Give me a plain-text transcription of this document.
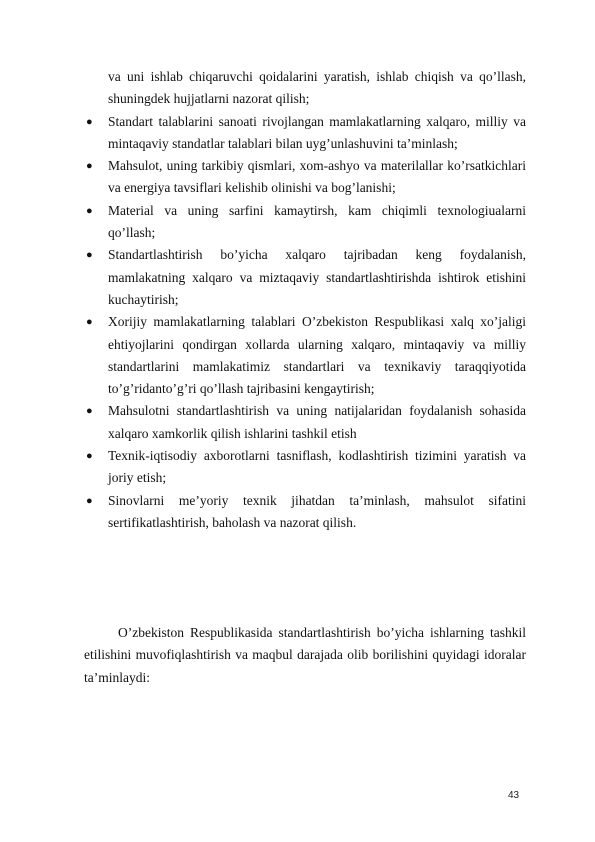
va uni ishlab chiqaruvchi qoidalarini yaratish, ishlab chiqish va qo’llash, shuningdek hujjatlarni nazorat qilish;
● Standart talablarini sanoati rivojlangan mamlakatlarning xalqaro, milliy va mintaqaviy standatlar talablari bilan uyg’unlashuvini ta’minlash;
● Mahsulot, uning tarkibiy qismlari, xom-ashyo va materilallar ko’rsatkichlari va energiya tavsiflari kelishib olinishi va bog’lanishi;
● Material va uning sarfini kamaytirsh, kam chiqimli texnologiualarni qo’llash;
● Standartlashtirish bo’yicha xalqaro tajribadan keng foydalanish, mamlakatning xalqaro va miztaqaviy standartlashtirishda ishtirok etishini kuchaytirish;
● Xorijiy mamlakatlarning talablari O’zbekiston Respublikasi xalq xo’jaligi ehtiyojlarini qondirgan xollarda ularning xalqaro, mintaqaviy va milliy standartlarini mamlakatimiz standartlari va texnikaviy taraqqiyotida to’g’ridanto’g’ri qo’llash tajribasini kengaytirish;
● Mahsulotni standartlashtirish va uning natijalaridan foydalanish sohasida xalqaro xamkorlik qilish ishlarini tashkil etish
● Texnik-iqtisodiy axborotlarni tasniflash, kodlashtirish tizimini yaratish va joriy etish;
● Sinovlarni me’yoriy texnik jihatdan ta’minlash, mahsulot sifatini sertifikatlashtirish, baholash va nazorat qilish.
O’zbekiston Respublikasida standartlashtirish bo’yicha ishlarning tashkil etilishini muvofiqlashtirish va maqbul darajada olib borilishini quyidagi idoralar ta’minlaydi:
43
